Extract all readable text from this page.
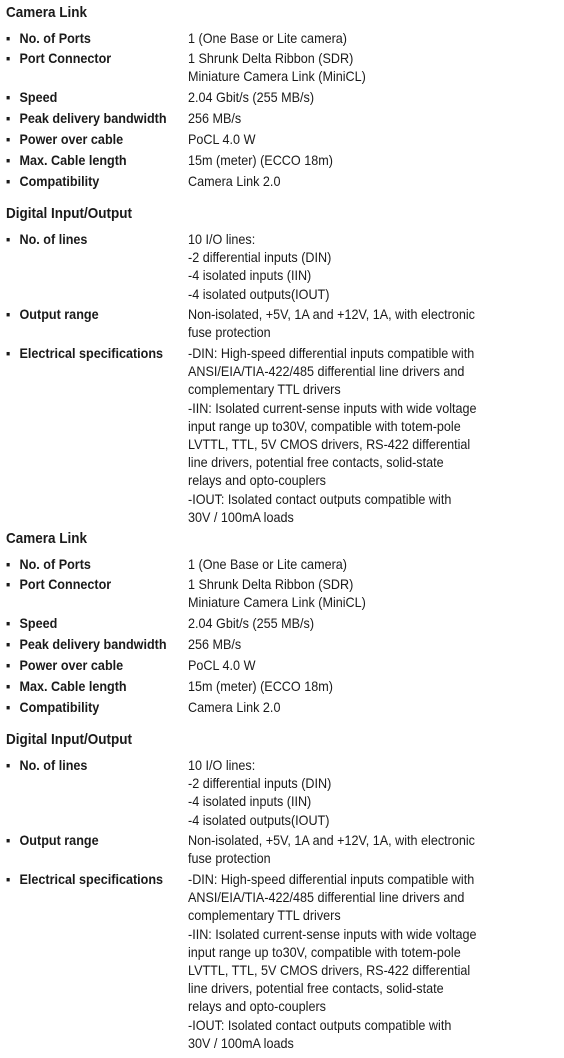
Camera Link
▪ No. of Ports	1 (One Base or Lite camera)
▪ Port Connector	1 Shrunk Delta Ribbon (SDR)
Miniature Camera Link (MiniCL)
▪ Speed	2.04 Gbit/s (255 MB/s)
▪ Peak delivery bandwidth 256 MB/s
▪ Power over cable	PoCL 4.0 W
▪ Max. Cable length	15m (meter) (ECCO 18m)
▪ Compatibility	Camera Link 2.0
Digital Input/Output
▪ No. of lines	10 I/O lines:
-2 differential inputs (DIN)
-4 isolated inputs (IIN)
-4 isolated outputs(IOUT)
▪ Output range	Non-isolated, +5V, 1A and +12V, 1A, with electronic
fuse protection
▪ Electrical specifications -DIN: High-speed differential inputs compatible with
ANSI/EIA/TIA-422/485 differential line drivers and
complementary TTL drivers
-IIN: Isolated current-sense inputs with wide voltage
input range up to30V, compatible with totem-pole
LVTTL, TTL, 5V CMOS drivers, RS-422 differential
line drivers, potential free contacts, solid-state
relays and opto-couplers
-IOUT: Isolated contact outputs compatible with
30V / 100mA loads
Camera Link
▪ No. of Ports	1 (One Base or Lite camera)
▪ Port Connector	1 Shrunk Delta Ribbon (SDR)
Miniature Camera Link (MiniCL)
▪ Speed	2.04 Gbit/s (255 MB/s)
▪ Peak delivery bandwidth 256 MB/s
▪ Power over cable	PoCL 4.0 W
▪ Max. Cable length	15m (meter) (ECCO 18m)
▪ Compatibility	Camera Link 2.0
Digital Input/Output
▪ No. of lines	10 I/O lines:
-2 differential inputs (DIN)
-4 isolated inputs (IIN)
-4 isolated outputs(IOUT)
▪ Output range	Non-isolated, +5V, 1A and +12V, 1A, with electronic
fuse protection
▪ Electrical specifications -DIN: High-speed differential inputs compatible with
ANSI/EIA/TIA-422/485 differential line drivers and
complementary TTL drivers
-IIN: Isolated current-sense inputs with wide voltage
input range up to30V, compatible with totem-pole
LVTTL, TTL, 5V CMOS drivers, RS-422 differential
line drivers, potential free contacts, solid-state
relays and opto-couplers
-IOUT: Isolated contact outputs compatible with
30V / 100mA loads
